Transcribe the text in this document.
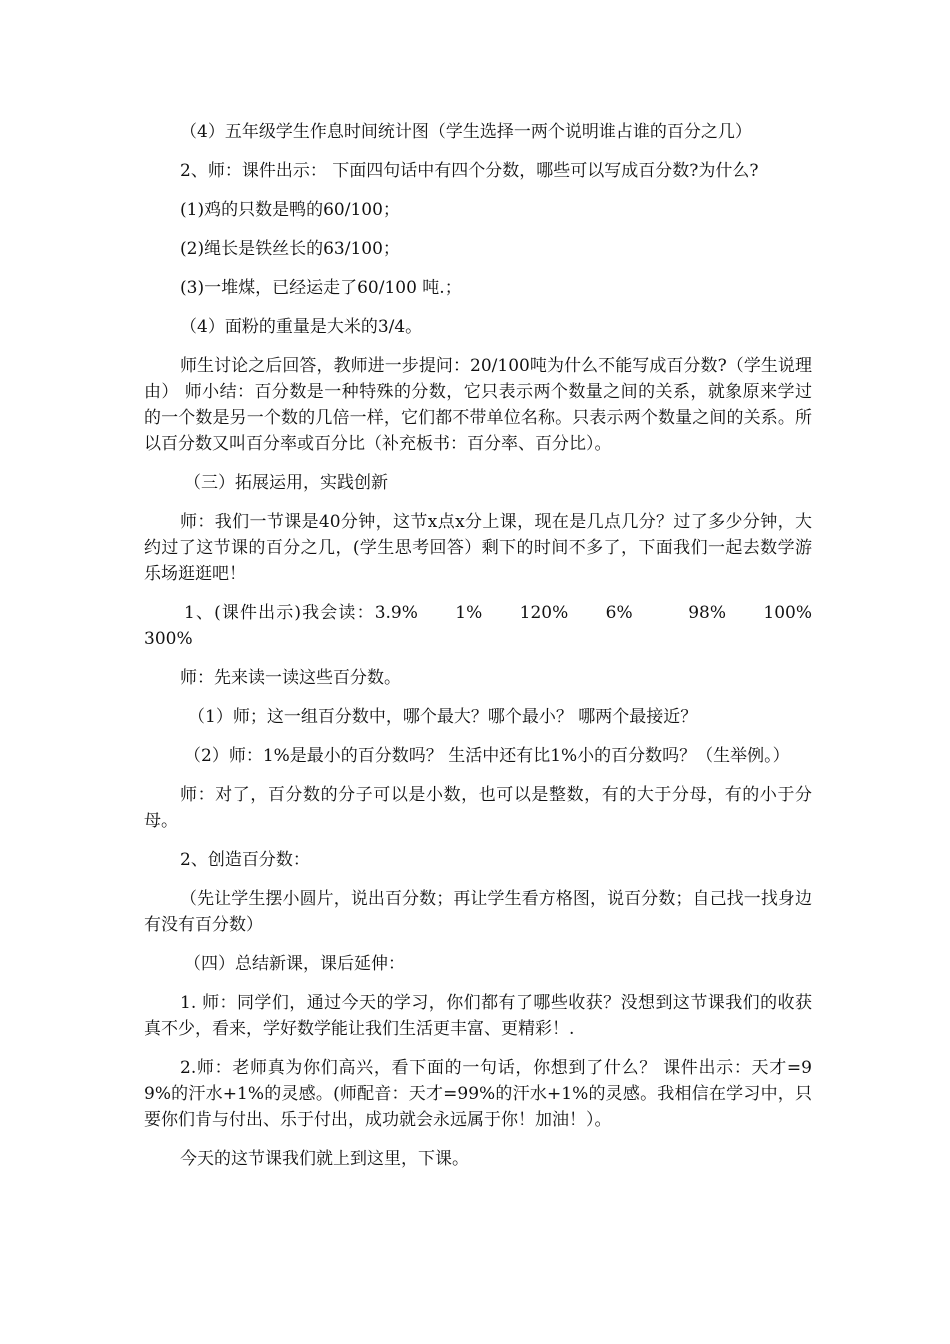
（4）五年级学生作息时间统计图（学生选择一两个说明谁占谁的百分之几）

2、师：课件出示： 下面四句话中有四个分数，哪些可以写成百分数?为什么?

(1)鸡的只数是鸭的60/100；

(2)绳长是铁丝长的63/100；

(3)一堆煤，已经运走了60/100 吨.；

（4）面粉的重量是大米的3/4。

师生讨论之后回答，教师进一步提问：20/100吨为什么不能写成百分数?（学生说理由） 师小结：百分数是一种特殊的分数，它只表示两个数量之间的关系，就象原来学过的一个数是另一个数的几倍一样，它们都不带单位名称。只表示两个数量之间的关系。所以百分数又叫百分率或百分比（补充板书：百分率、百分比）。

（三）拓展运用，实践创新

师：我们一节课是40分钟，这节x点x分上课，现在是几点几分？过了多少分钟，大约过了这节课的百分之几，(学生思考回答）剩下的时间不多了，下面我们一起去数学游乐场逛逛吧！

1、(课件出示)我会读：3.9%　　1%　　120%　　6%　　　98%　　100%　　300%

师：先来读一读这些百分数。

（1）师；这一组百分数中，哪个最大？哪个最小？ 哪两个最接近？

（2）师：1%是最小的百分数吗？ 生活中还有比1%小的百分数吗？（生举例。）

师：对了，百分数的分子可以是小数，也可以是整数，有的大于分母，有的小于分母。

2、创造百分数：

（先让学生摆小圆片，说出百分数；再让学生看方格图，说百分数；自己找一找身边有没有百分数）

（四）总结新课，课后延伸：

1. 师：同学们，通过今天的学习，你们都有了哪些收获？没想到这节课我们的收获真不少，看来，学好数学能让我们生活更丰富、更精彩！.

2.师：老师真为你们高兴，看下面的一句话，你想到了什么？ 课件出示：天才=99%的汗水+1%的灵感。(师配音：天才=99%的汗水+1%的灵感。我相信在学习中，只要你们肯与付出、乐于付出，成功就会永远属于你！加油！）。

今天的这节课我们就上到这里，下课。
